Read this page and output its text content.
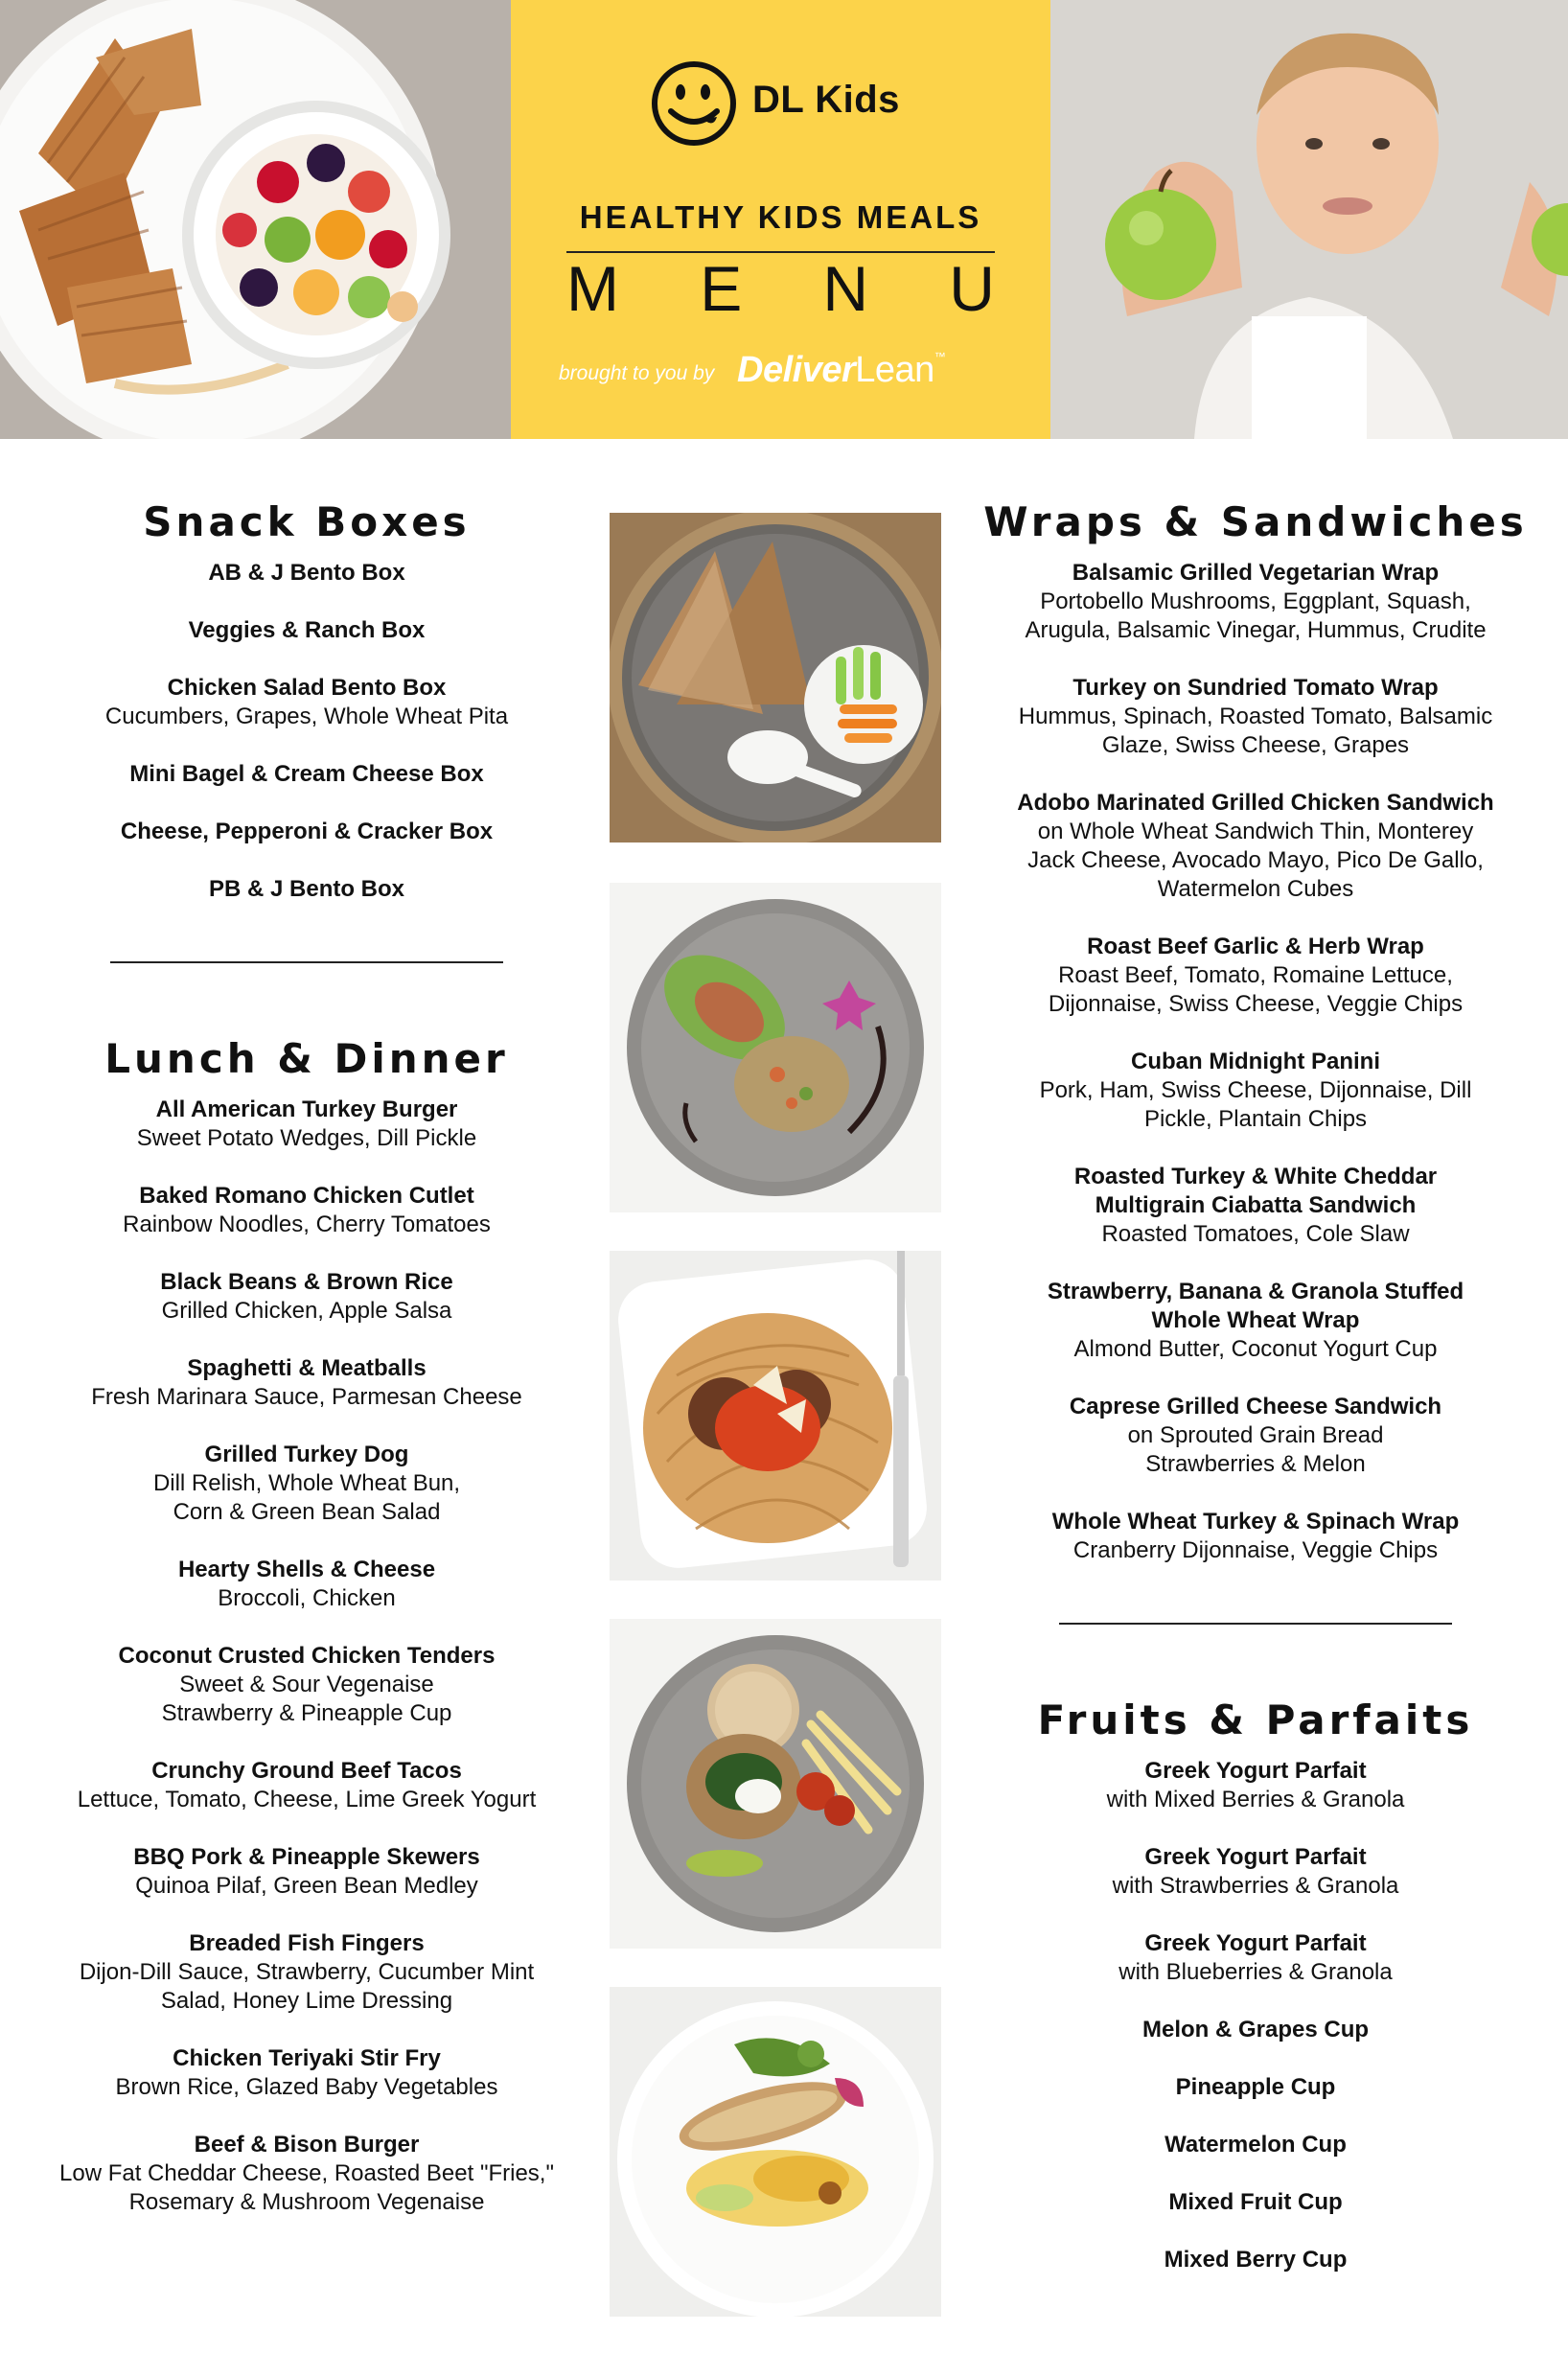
DL Kids
HEALTHY KIDS MEALS
M E N U
brought to you by DeliverLean™
Snack Boxes
AB & J Bento Box
Veggies & Ranch Box
Chicken Salad Bento Box
Cucumbers, Grapes, Whole Wheat Pita
Mini Bagel & Cream Cheese Box
Cheese, Pepperoni & Cracker Box
PB & J Bento Box
Lunch & Dinner
All American Turkey Burger
Sweet Potato Wedges, Dill Pickle
Baked Romano Chicken Cutlet
Rainbow Noodles, Cherry Tomatoes
Black Beans & Brown Rice
Grilled Chicken, Apple Salsa
Spaghetti & Meatballs
Fresh Marinara Sauce, Parmesan Cheese
Grilled Turkey Dog
Dill Relish, Whole Wheat Bun,
Corn & Green Bean Salad
Hearty Shells & Cheese
Broccoli, Chicken
Coconut Crusted Chicken Tenders
Sweet & Sour Vegenaise
Strawberry & Pineapple Cup
Crunchy Ground Beef Tacos
Lettuce, Tomato, Cheese, Lime Greek Yogurt
BBQ Pork & Pineapple Skewers
Quinoa Pilaf, Green Bean Medley
Breaded Fish Fingers
Dijon-Dill Sauce, Strawberry, Cucumber Mint
Salad, Honey Lime Dressing
Chicken Teriyaki Stir Fry
Brown Rice, Glazed Baby Vegetables
Beef & Bison Burger
Low Fat Cheddar Cheese, Roasted Beet "Fries,"
Rosemary & Mushroom Vegenaise
Wraps & Sandwiches
Balsamic Grilled Vegetarian Wrap
Portobello Mushrooms, Eggplant, Squash,
Arugula, Balsamic Vinegar, Hummus, Crudite
Turkey on Sundried Tomato Wrap
Hummus, Spinach, Roasted Tomato, Balsamic
Glaze, Swiss Cheese, Grapes
Adobo Marinated Grilled Chicken Sandwich
on Whole Wheat Sandwich Thin, Monterey
Jack Cheese, Avocado Mayo, Pico De Gallo,
Watermelon Cubes
Roast Beef Garlic & Herb Wrap
Roast Beef, Tomato, Romaine Lettuce,
Dijonnaise, Swiss Cheese, Veggie Chips
Cuban Midnight Panini
Pork, Ham, Swiss Cheese, Dijonnaise, Dill
Pickle, Plantain Chips
Roasted Turkey & White Cheddar
Multigrain Ciabatta Sandwich
Roasted Tomatoes, Cole Slaw
Strawberry, Banana & Granola Stuffed
Whole Wheat Wrap
Almond Butter, Coconut Yogurt Cup
Caprese Grilled Cheese Sandwich
on Sprouted Grain Bread
Strawberries & Melon
Whole Wheat Turkey & Spinach Wrap
Cranberry Dijonnaise, Veggie Chips
Fruits & Parfaits
Greek Yogurt Parfait
with Mixed Berries & Granola
Greek Yogurt Parfait
with Strawberries & Granola
Greek Yogurt Parfait
with Blueberries & Granola
Melon & Grapes Cup
Pineapple Cup
Watermelon Cup
Mixed Fruit Cup
Mixed Berry Cup
